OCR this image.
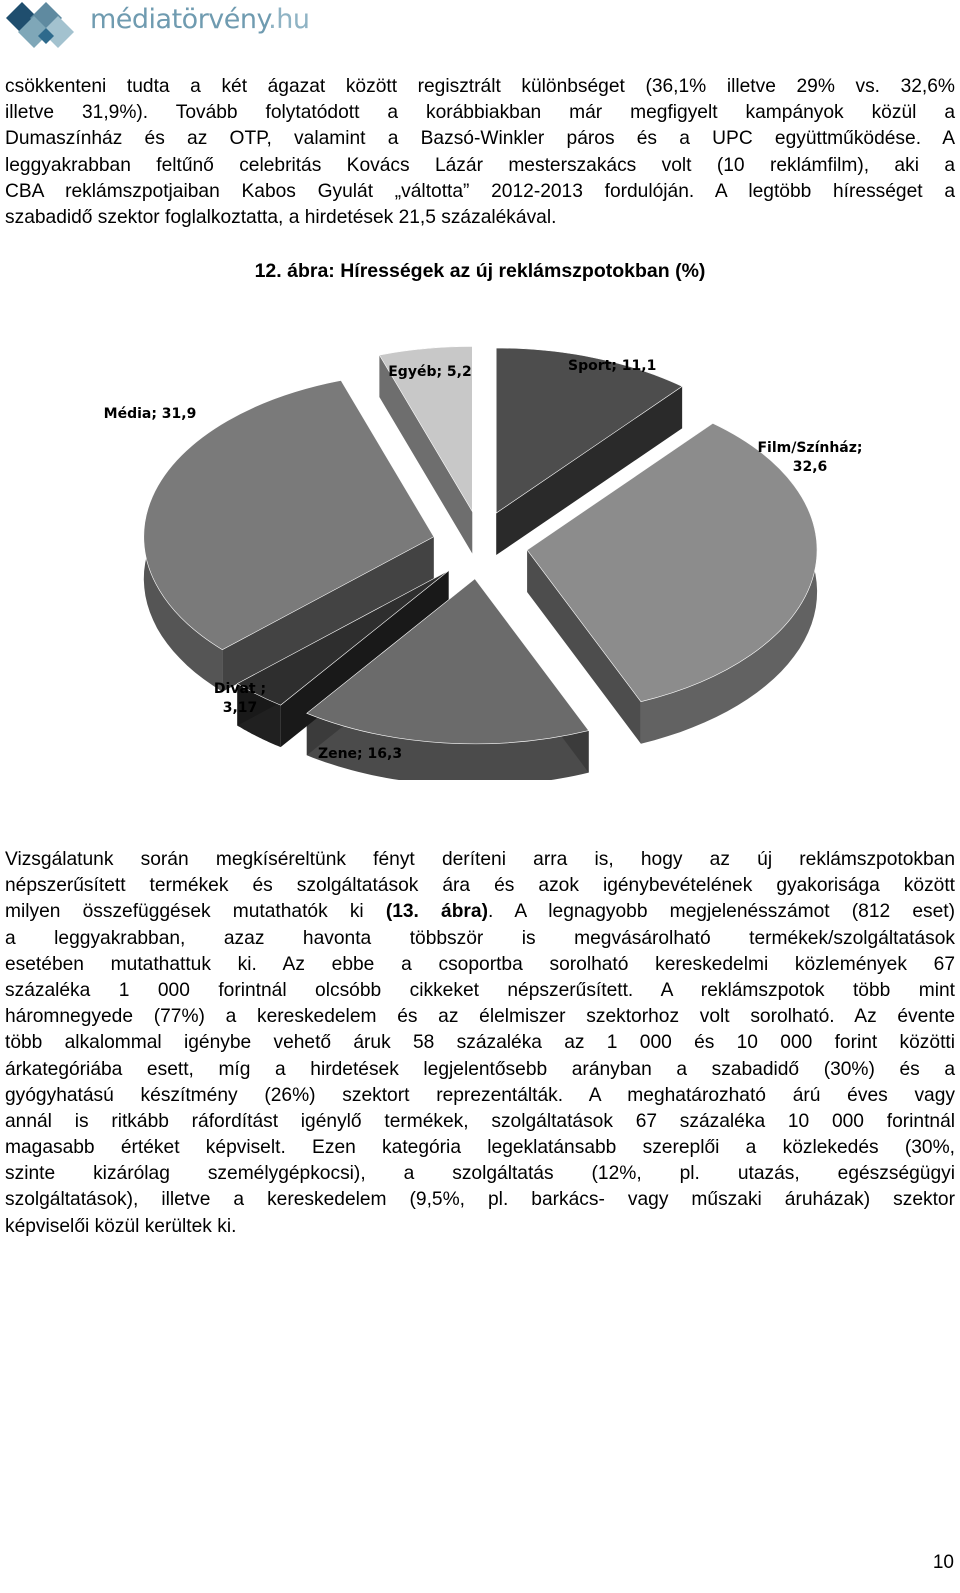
médiatörvény.hu
csökkenteni tudta a két ágazat között regisztrált különbséget (36,1% illetve 29% vs. 32,6%
illetve 31,9%). Tovább folytatódott a korábbiakban már megfigyelt kampányok közül a
Dumaszínház és az OTP, valamint a Bazsó-Winkler páros és a UPC együttműködése. A
leggyakrabban feltűnő celebritás Kovács Lázár mesterszakács volt (10 reklámfilm), aki a
CBA reklámszpotjaiban Kabos Gyulát „váltotta” 2012-2013 fordulóján. A legtöbb hírességet a
szabadidő szektor foglalkoztatta, a hirdetések 21,5 százalékával.
12. ábra: Hírességek az új reklámszpotokban (%)
Sport; 11,1
Film/Színház; 32,6
Zene; 16,3
Divat ; 3,17
Média; 31,9
Egyéb; 5,2
Vizsgálatunk során megkíséreltünk fényt deríteni arra is, hogy az új reklámszpotokban
népszerűsített termékek és szolgáltatások ára és azok igénybevételének gyakorisága között
milyen összefüggések mutathatók ki (13. ábra). A legnagyobb megjelenésszámot (812 eset)
a leggyakrabban, azaz havonta többször is megvásárolható termékek/szolgáltatások
esetében mutathattuk ki. Az ebbe a csoportba sorolható kereskedelmi közlemények 67
százaléka 1 000 forintnál olcsóbb cikkeket népszerűsített. A reklámszpotok több mint
háromnegyede (77%) a kereskedelem és az élelmiszer szektorhoz volt sorolható. Az évente
több alkalommal igénybe vehető áruk 58 százaléka az 1 000 és 10 000 forint közötti
árkategóriába esett, míg a hirdetések legjelentősebb arányban a szabadidő (30%) és a
gyógyhatású készítmény (26%) szektort reprezentálták. A meghatározható árú éves vagy
annál is ritkább ráfordítást igénylő termékek, szolgáltatások 67 százaléka 10 000 forintnál
magasabb értéket képviselt. Ezen kategória legeklatánsabb szereplői a közlekedés (30%,
szinte kizárólag személygépkocsi), a szolgáltatás (12%, pl. utazás, egészségügyi
szolgáltatások), illetve a kereskedelem (9,5%, pl. barkács- vagy műszaki áruházak) szektor
képviselői közül kerültek ki.
10
